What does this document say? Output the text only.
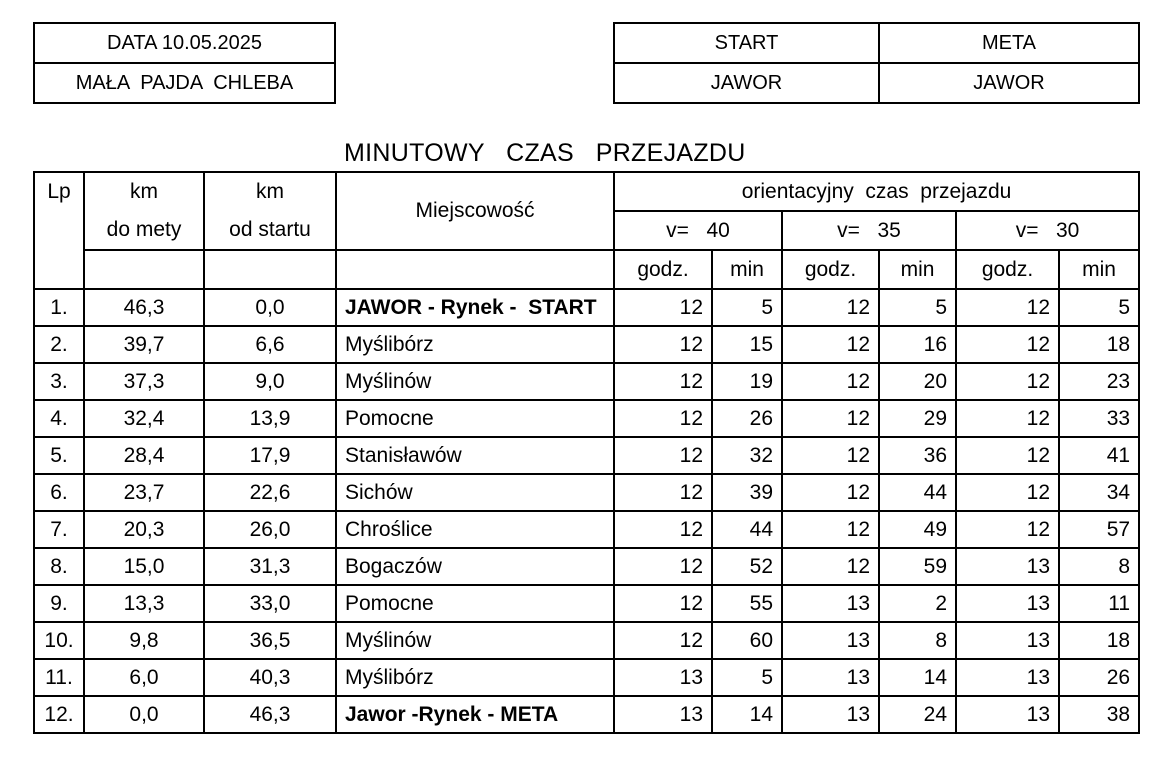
DATA 10.05.2025
MAŁA  PAJDA  CHLEBA
START	META
JAWOR	JAWOR
MINUTOWY   CZAS   PRZEJAZDU
Lp	km	km	Miejscowość	orientacyjny  czas  przejazdu					
	do mety	od startu		v=   40		v=   35		v=   30	
				godz.	min	godz.	min	godz.	min
1.	46,3	0,0	JAWOR - Rynek -  START	12	5	12	5	12	5
2.	39,7	6,6	Myślibórz	12	15	12	16	12	18
3.	37,3	9,0	Myślinów	12	19	12	20	12	23
4.	32,4	13,9	Pomocne	12	26	12	29	12	33
5.	28,4	17,9	Stanisławów	12	32	12	36	12	41
6.	23,7	22,6	Sichów	12	39	12	44	12	34
7.	20,3	26,0	Chroślice	12	44	12	49	12	57
8.	15,0	31,3	Bogaczów	12	52	12	59	13	8
9.	13,3	33,0	Pomocne	12	55	13	2	13	11
10.	9,8	36,5	Myślinów	12	60	13	8	13	18
11.	6,0	40,3	Myślibórz	13	5	13	14	13	26
12.	0,0	46,3	Jawor -Rynek - META	13	14	13	24	13	38
